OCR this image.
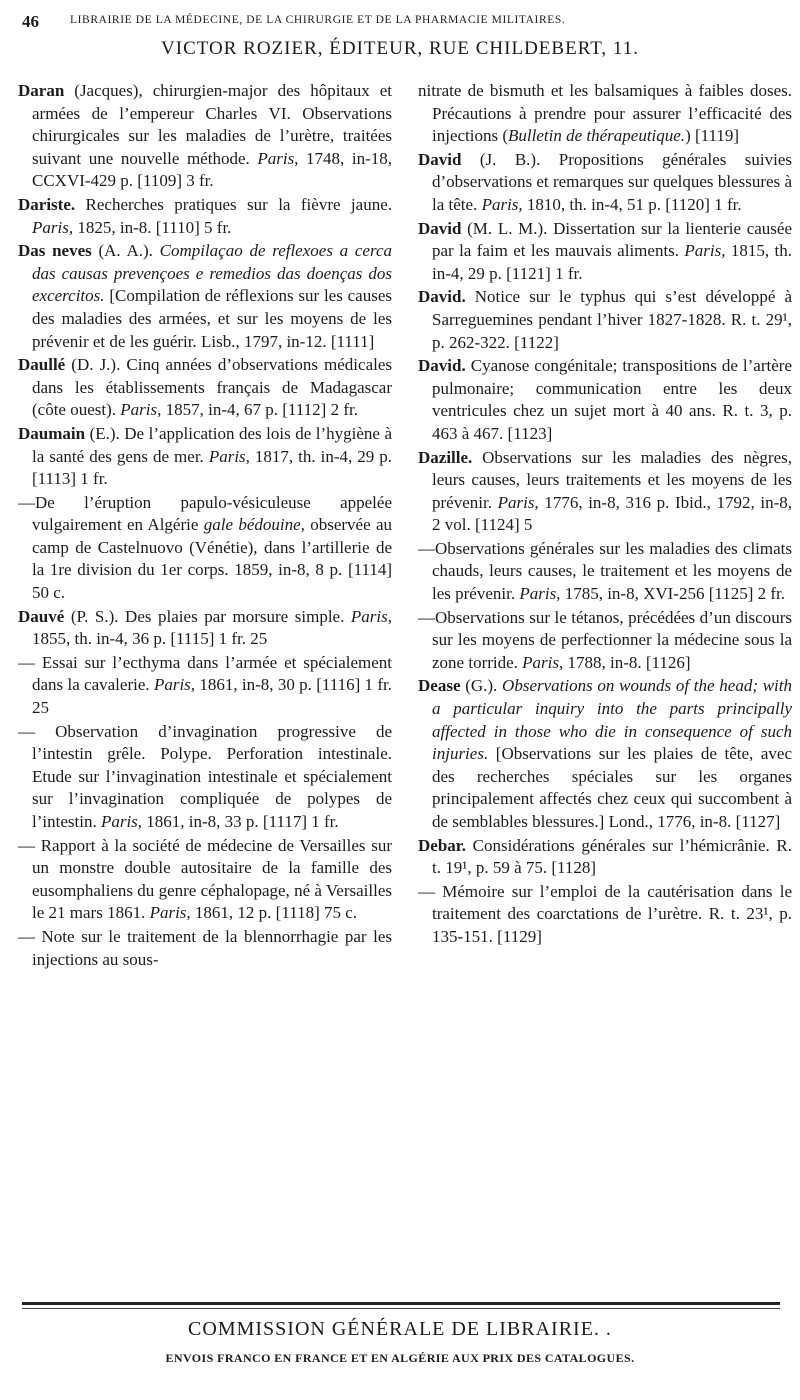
46	LIBRAIRIE DE LA MÉDECINE, DE LA CHIRURGIE ET DE LA PHARMACIE MILITAIRES.
VICTOR ROZIER, ÉDITEUR, RUE CHILDEBERT, 11.

Daran (Jacques), chirurgien-major des hôpitaux et armées de l’empereur Charles VI. Observations chirurgicales sur les maladies de l’urètre, traitées suivant une nouvelle méthode. Paris, 1748, in-18, CCXVI-429 p. [1109] 3 fr.

Dariste. Recherches pratiques sur la fièvre jaune. Paris, 1825, in-8. [1110] 5 fr.

Das neves (A. A.). Compilaçao de reflexoes a cerca das causas prevençoes e remedios das doenças dos excercitos. [Compilation de réflexions sur les causes des maladies des armées, et sur les moyens de les prévenir et de les guérir. Lisb., 1797, in-12. [1111]

Daullé (D. J.). Cinq années d’observations médicales dans les établissements français de Madagascar (côte ouest). Paris, 1857, in-4, 67 p. [1112] 2 fr.

Daumain (E.). De l’application des lois de l’hygiène à la santé des gens de mer. Paris, 1817, th. in-4, 29 p. [1113] 1 fr.

—De l’éruption papulo-vésiculeuse appelée vulgairement en Algérie gale bédouine, observée au camp de Castelnuovo (Vénétie), dans l’artillerie de la 1re division du 1er corps. 1859, in-8, 8 p. [1114] 50 c.

Dauvé (P. S.). Des plaies par morsure simple. Paris, 1855, th. in-4, 36 p. [1115] 1 fr. 25

— Essai sur l’ecthyma dans l’armée et spécialement dans la cavalerie. Paris, 1861, in-8, 30 p. [1116] 1 fr. 25

— Observation d’invagination progressive de l’intestin grêle. Polype. Perforation intestinale. Etude sur l’invagination intestinale et spécialement sur l’invagination compliquée de polypes de l’intestin. Paris, 1861, in-8, 33 p. [1117] 1 fr.

— Rapport à la société de médecine de Versailles sur un monstre double autositaire de la famille des eusomphaliens du genre céphalopage, né à Versailles le 21 mars 1861. Paris, 1861, 12 p. [1118] 75 c.

— Note sur le traitement de la blennorrhagie par les injections au sous-

nitrate de bismuth et les balsamiques à faibles doses. Précautions à prendre pour assurer l’efficacité des injections (Bulletin de thérapeutique.) [1119]

David (J. B.). Propositions générales suivies d’observations et remarques sur quelques blessures à la tête. Paris, 1810, th. in-4, 51 p. [1120] 1 fr.

David (M. L. M.). Dissertation sur la lienterie causée par la faim et les mauvais aliments. Paris, 1815, th. in-4, 29 p. [1121] 1 fr.

David. Notice sur le typhus qui s’est développé à Sarreguemines pendant l’hiver 1827-1828. R. t. 29¹, p. 262-322. [1122]

David. Cyanose congénitale; transpositions de l’artère pulmonaire; communication entre les deux ventricules chez un sujet mort à 40 ans. R. t. 3, p. 463 à 467. [1123]

Dazille. Observations sur les maladies des nègres, leurs causes, leurs traitements et les moyens de les prévenir. Paris, 1776, in-8, 316 p. Ibid., 1792, in-8, 2 vol. [1124] 5

—Observations générales sur les maladies des climats chauds, leurs causes, le traitement et les moyens de les prévenir. Paris, 1785, in-8, XVI-256 [1125] 2 fr.

—Observations sur le tétanos, précédées d’un discours sur les moyens de perfectionner la médecine sous la zone torride. Paris, 1788, in-8. [1126]

Dease (G.). Observations on wounds of the head; with a particular inquiry into the parts principally affected in those who die in consequence of such injuries. [Observations sur les plaies de tête, avec des recherches spéciales sur les organes principalement affectés chez ceux qui succombent à de semblables blessures.] Lond., 1776, in-8. [1127]

Debar. Considérations générales sur l’hémicrânie. R. t. 19¹, p. 59 à 75. [1128]

— Mémoire sur l’emploi de la cautérisation dans le traitement des coarctations de l’urètre. R. t. 23¹, p. 135-151. [1129]

COMMISSION GÉNÉRALE DE LIBRAIRIE. .
ENVOIS FRANCO EN FRANCE ET EN ALGÉRIE AUX PRIX DES CATALOGUES.
